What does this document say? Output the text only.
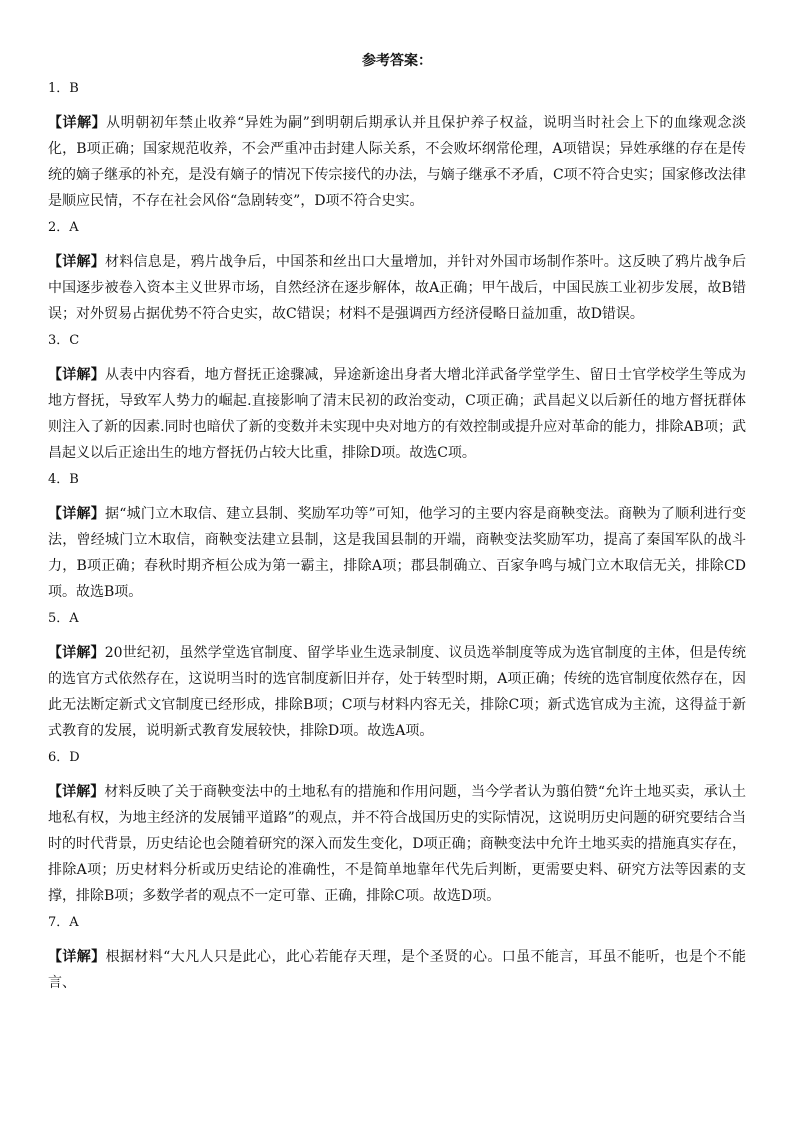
参考答案：
1．B
【详解】从明朝初年禁止收养“异姓为嗣”到明朝后期承认并且保护养子权益，说明当时社会上下的血缘观念淡化，B项正确；国家规范收养，不会严重冲击封建人际关系，不会败坏纲常伦理，A项错误；异姓承继的存在是传统的嫡子继承的补充，是没有嫡子的情况下传宗接代的办法，与嫡子继承不矛盾，C项不符合史实；国家修改法律是顺应民情，不存在社会风俗“急剧转变”，D项不符合史实。
2．A
【详解】材料信息是，鸦片战争后，中国茶和丝出口大量增加，并针对外国市场制作茶叶。这反映了鸦片战争后中国逐步被卷入资本主义世界市场，自然经济在逐步解体，故A正确；甲午战后，中国民族工业初步发展，故B错误；对外贸易占据优势不符合史实，故C错误；材料不是强调西方经济侵略日益加重，故D错误。
3．C
【详解】从表中内容看，地方督抚正途骤减，异途新途出身者大增北洋武备学堂学生、留日士官学校学生等成为地方督抚，导致军人势力的崛起.直接影响了清末民初的政治变动，C项正确；武昌起义以后新任的地方督抚群体则注入了新的因素.同时也暗伏了新的变数并未实现中央对地方的有效控制或提升应对革命的能力，排除AB项；武昌起义以后正途出生的地方督抚仍占较大比重，排除D项。故选C项。
4．B
【详解】据“城门立木取信、建立县制、奖励军功等”可知，他学习的主要内容是商鞅变法。商鞅为了顺利进行变法，曾经城门立木取信，商鞅变法建立县制，这是我国县制的开端，商鞅变法奖励军功，提高了秦国军队的战斗力，B项正确；春秋时期齐桓公成为第一霸主，排除A项；郡县制确立、百家争鸣与城门立木取信无关，排除CD项。故选B项。
5．A
【详解】20世纪初，虽然学堂选官制度、留学毕业生选录制度、议员选举制度等成为选官制度的主体，但是传统的选官方式依然存在，这说明当时的选官制度新旧并存，处于转型时期，A项正确；传统的选官制度依然存在，因此无法断定新式文官制度已经形成，排除B项；C项与材料内容无关，排除C项；新式选官成为主流，这得益于新式教育的发展，说明新式教育发展较快，排除D项。故选A项。
6．D
【详解】材料反映了关于商鞅变法中的土地私有的措施和作用问题，当今学者认为翦伯赞“允许土地买卖，承认土地私有权，为地主经济的发展铺平道路”的观点，并不符合战国历史的实际情况，这说明历史问题的研究要结合当时的时代背景，历史结论也会随着研究的深入而发生变化，D项正确；商鞅变法中允许土地买卖的措施真实存在，排除A项；历史材料分析或历史结论的准确性，不是简单地靠年代先后判断，更需要史料、研究方法等因素的支撑，排除B项；多数学者的观点不一定可靠、正确，排除C项。故选D项。
7．A
【详解】根据材料“大凡人只是此心，此心若能存天理，是个圣贤的心。口虽不能言，耳虽不能听，也是个不能言、
